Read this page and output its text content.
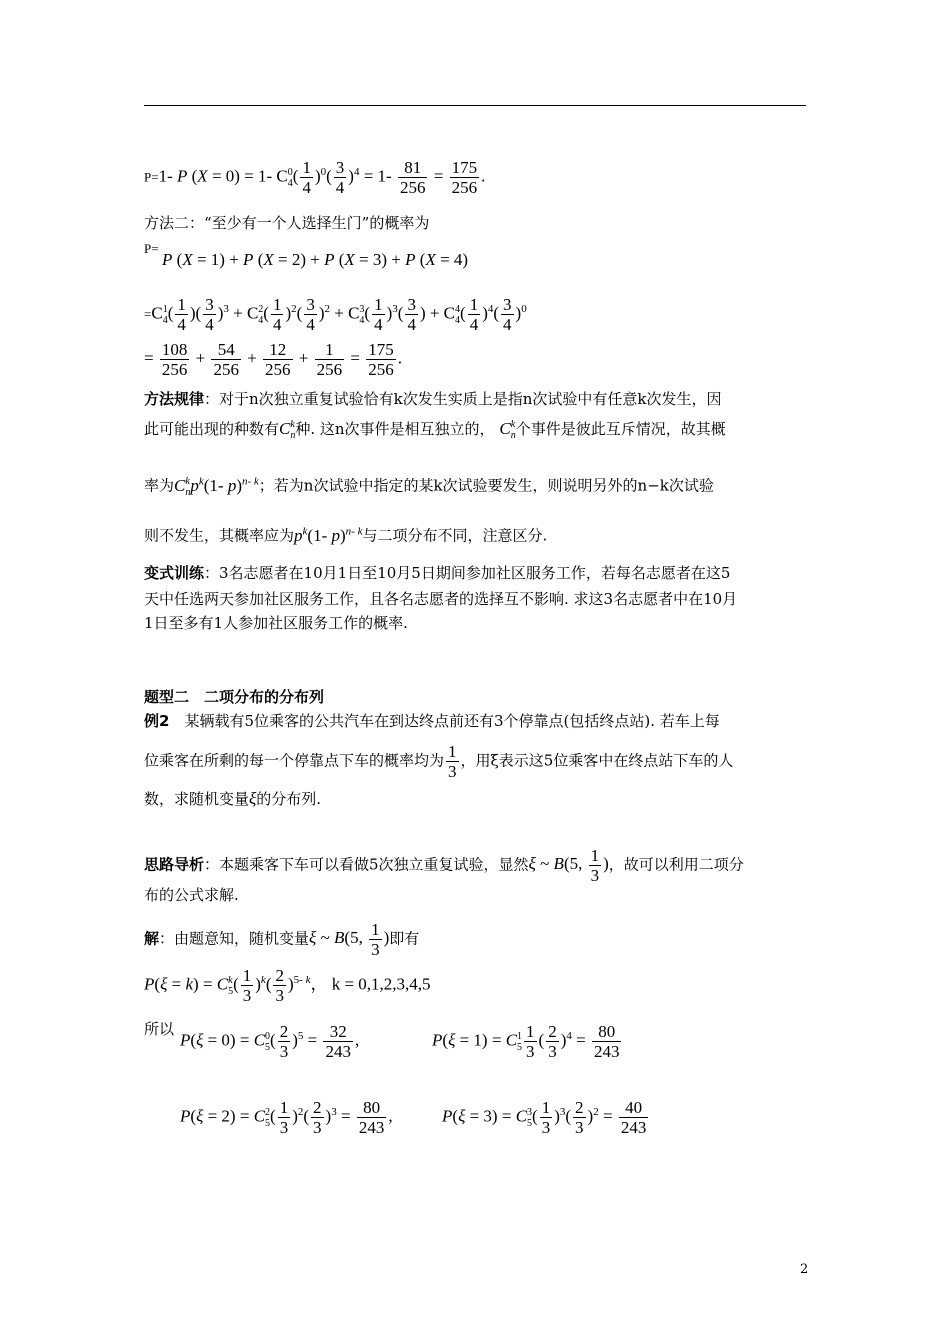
P=1- P (X = 0) = 1- C 0
4 ( $\frac{1}{4} )^0( \frac{3}{4} )^4 = 1- \frac{81}{256} = \frac{175}{256}$ .
方法二：“至少有一个人选择生门”的概率为
P=
P (X = 1) + P (X = 2) + P (X = 3) + P (X = 4)
=C 1
4 ( $\frac{1}{4}$ )( $\frac{3}{4} )^3 + C$ 2
4 ( $\frac{1}{4} )^2( \frac{3}{4} )^2 + C$ 3
4 ( $\frac{1}{4} )^3( \frac{3}{4}$ ) + C 4
4 ( $\frac{1}{4} )^4( \frac{3}{4} )^0$
= $\frac{108}{256} + \frac{54}{256} + \frac{12}{256} + \frac{1}{256} = \frac{175}{256}$ .
方法规律：对于n次独立重复试验恰有k次发生实质上是指n次试验中有任意k次发生，因
此可能出现的种数有C k
n 种. 这n次事件是相互独立的， C k
n 个事件是彼此互斥情况，故其概
率为C k
n $p^k(1-$ p)$^{n- k}$；若为n次试验中指定的某k次试验要发生，则说明另外的n−k次试验
则不发生，其概率应为$p^k(1-$ p)$^{n- k}$与二项分布不同，注意区分.
变式训练：3名志愿者在10月1日至10月5日期间参加社区服务工作，若每名志愿者在这5
天中任选两天参加社区服务工作，且各名志愿者的选择互不影响. 求这3名志愿者中在10月
1日至多有1人参加社区服务工作的概率.
题型二　二项分布的分布列
例2　某辆载有5位乘客的公共汽车在到达终点前还有3个停靠点(包括终点站). 若车上每
位乘客在所剩的每一个停靠点下车的概率均为 $\frac{1}{3}$ ，用ξ表示这5位乘客中在终点站下车的人
数，求随机变量ξ的分布列.
思路导析：本题乘客下车可以看做5次独立重复试验，显然ξ ~ B(5, $\frac{1}{3}$ )，故可以利用二项分
布的公式求解.
解：由题意知，随机变量ξ ~ B(5, $\frac{1}{3}$ )即有
P(ξ = k) = C k
5 ( $\frac{1}{3} )^k( \frac{2}{3} )^{5- k}$， k = 0,1,2,3,4,5
所以
P(ξ = 0) = C 0
5 ( $\frac{2}{3} )^5 = \frac{32}{243}$ ,	P(ξ = 1) = C 1
$5 \frac{1}{3}$ ( $\frac{2}{3} )^4 = \frac{80}{243}$
P(ξ = 2) = C 2
5 ( $\frac{1}{3} )^2( \frac{2}{3} )^3 = \frac{80}{243}$ ,	P(ξ = 3) = C 3
5 ( $\frac{1}{3} )^3( \frac{2}{3} )^2 = \frac{40}{243}$
2
